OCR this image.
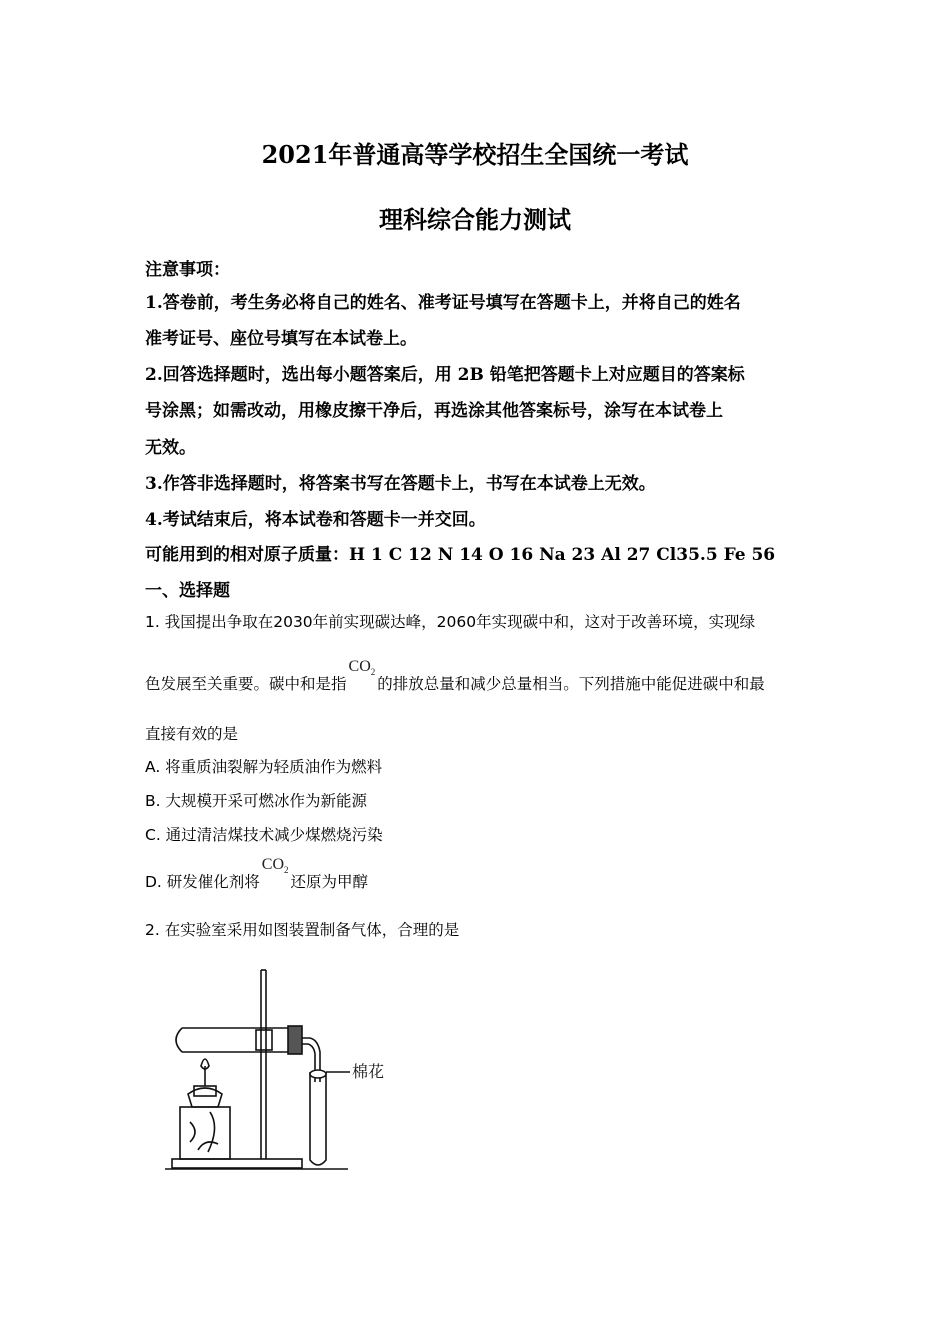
2021年普通高等学校招生全国统一考试
理科综合能力测试
注意事项：
1.答卷前，考生务必将自己的姓名、准考证号填写在答题卡上，并将自己的姓名
准考证号、座位号填写在本试卷上。
2.回答选择题时，选出每小题答案后，用 2B 铅笔把答题卡上对应题目的答案标
号涂黑；如需改动，用橡皮擦干净后，再选涂其他答案标号，涂写在本试卷上
无效。
3.作答非选择题时，将答案书写在答题卡上，书写在本试卷上无效。
4.考试结束后，将本试卷和答题卡一并交回。
可能用到的相对原子质量：H 1 C 12 N 14 O 16 Na 23 Al 27 Cl35.5 Fe 56
一、选择题
1. 我国提出争取在2030年前实现碳达峰，2060年实现碳中和，这对于改善环境，实现绿
色发展至关重要。碳中和是指$CO_2$的排放总量和减少总量相当。下列措施中能促进碳中和最
直接有效的是
A. 将重质油裂解为轻质油作为燃料
B. 大规模开采可燃冰作为新能源
C. 通过清洁煤技术减少煤燃烧污染
D. 研发催化剂将$CO_2$还原为甲醇
2. 在实验室采用如图装置制备气体，合理的是
棉花
